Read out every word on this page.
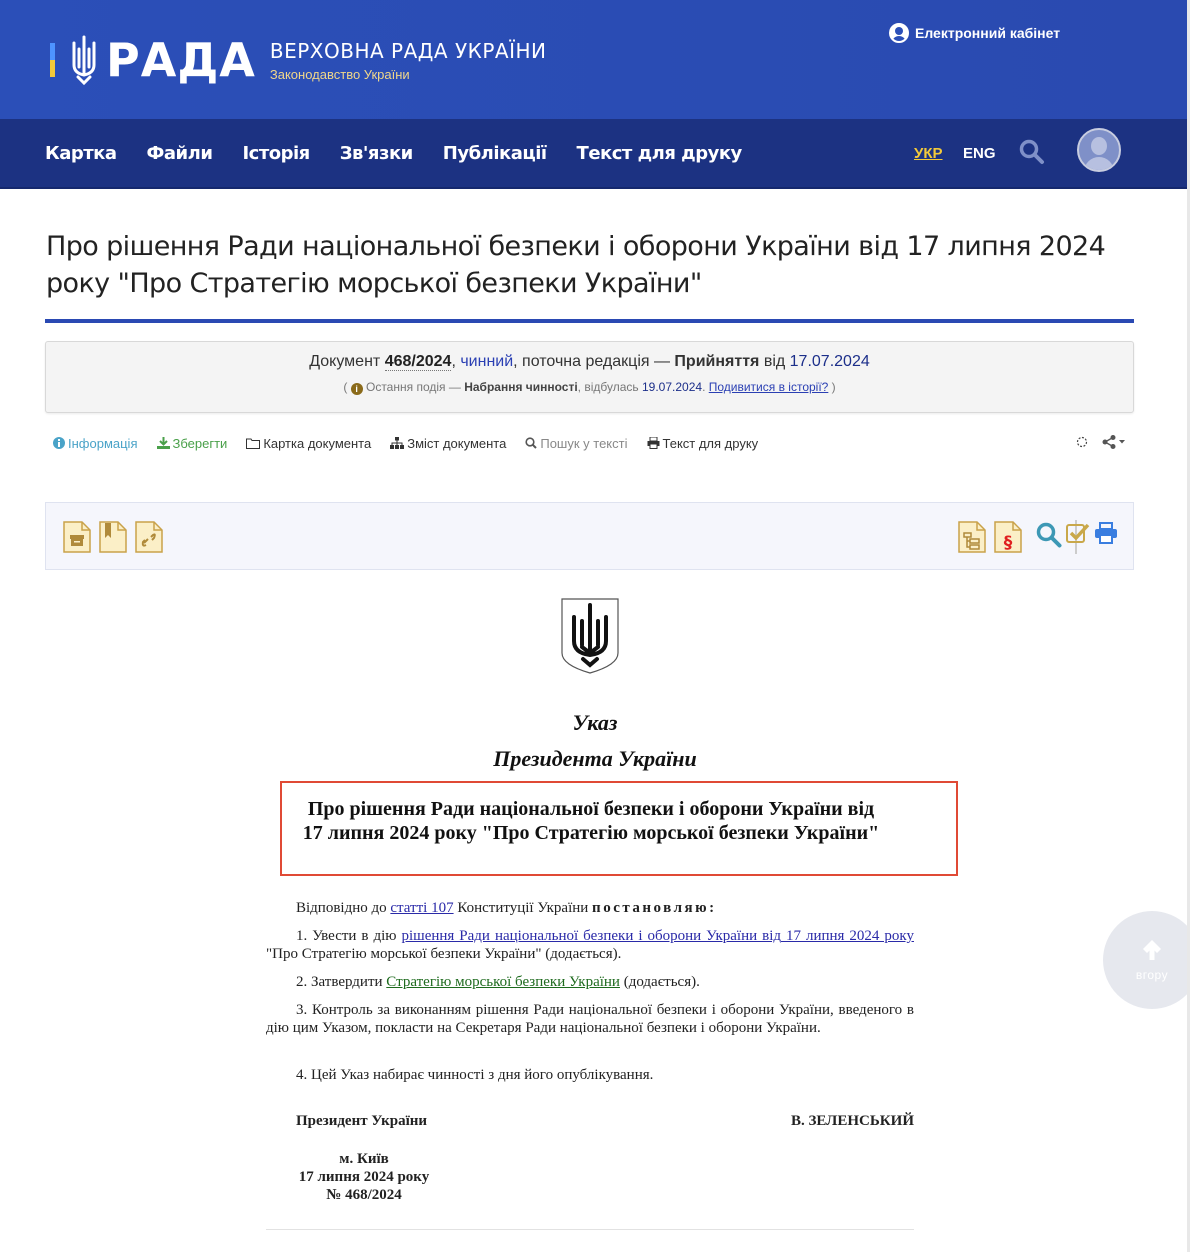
РАДА ВЕРХОВНА РАДА УКРАЇНИ
Законодавство України
Електронний кабінет
Картка Файли Історія Зв'язки Публікації Текст для друку	УКР ENG
Про рішення Ради національної безпеки і оборони України від 17 липня 2024 року "Про Стратегію морської безпеки України"
Документ 468/2024, чинний, поточна редакція — Прийняття від 17.07.2024
( i Остання подія — Набрання чинності, відбулась 19.07.2024. Подивитися в історії? )
Інформація	Зберегти	Картка документа	Зміст документа	Пошук у тексті	Текст для друку
§
Указ
Президента України
Про рішення Ради національної безпеки і оборони України від 17 липня 2024 року "Про Стратегію морської безпеки України"

Відповідно до статті 107 Конституції України постановляю:

1. Увести в дію рішення Ради національної безпеки і оборони України від 17 липня 2024 року "Про Стратегію морської безпеки України" (додається).

2. Затвердити Стратегію морської безпеки України (додається).

3. Контроль за виконанням рішення Ради національної безпеки і оборони України, введеного в дію цим Указом, покласти на Секретаря Ради національної безпеки і оборони України.

4. Цей Указ набирає чинності з дня його опублікування.

Президент України	В. ЗЕЛЕНСЬКИЙ
м. Київ
17 липня 2024 року
№ 468/2024
вгору
